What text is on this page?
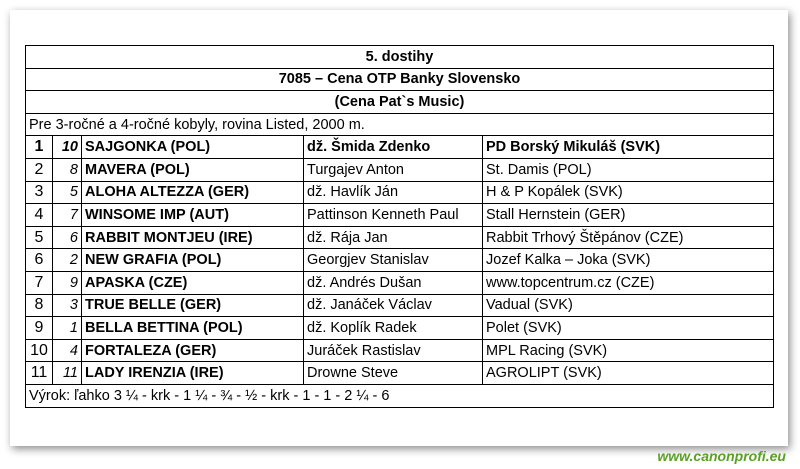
5. dostihy				
7085 – Cena OTP Banky Slovensko				
(Cena Pat`s Music)				
Pre 3-ročné a 4-ročné kobyly, rovina Listed, 2000 m.				
1	10	SAJGONKA (POL)	dž. Šmida Zdenko	PD Borský Mikuláš (SVK)
2	8	MAVERA (POL)	Turgajev Anton	St. Damis (POL)
3	5	ALOHA ALTEZZA (GER)	dž. Havlík Ján	H & P Kopálek (SVK)
4	7	WINSOME IMP (AUT)	Pattinson Kenneth Paul	Stall Hernstein (GER)
5	6	RABBIT MONTJEU (IRE)	dž. Rája Jan	Rabbit Trhový Štěpánov (CZE)
6	2	NEW GRAFIA (POL)	Georgjev Stanislav	Jozef Kalka – Joka (SVK)
7	9	APASKA (CZE)	dž. Andrés Dušan	www.topcentrum.cz (CZE)
8	3	TRUE BELLE (GER)	dž. Janáček Václav	Vadual (SVK)
9	1	BELLA BETTINA (POL)	dž. Koplík Radek	Polet (SVK)
10	4	FORTALEZA (GER)	Juráček Rastislav	MPL Racing (SVK)
11	11	LADY IRENZIA (IRE)	Drowne Steve	AGROLIPT (SVK)
Výrok: ľahko 3 ¼ - krk - 1 ¼ - ¾ - ½ - krk - 1 - 1 - 2 ¼ - 6				
www.canonprofi.eu
